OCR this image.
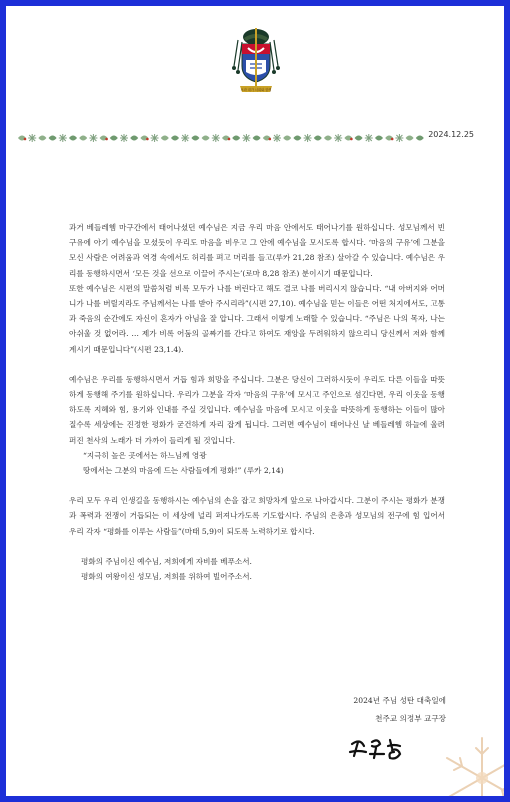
보라 내가 너희와 함께
2024.12.25

과거 베들레헴 마구간에서 태어나셨던 예수님은 지금 우리 마음 안에서도 태어나기를 원하십니다. 성모님께서 빈 구유에 아기 예수님을 모셨듯이 우리도 마음을 비우고 그 안에 예수님을 모시도록 합시다. ‘마음의 구유’에 그분을 모신 사람은 어려움과 역경 속에서도 허리를 펴고 머리를 들고(루카 21,28 참조) 살아갈 수 있습니다. 예수님은 우리를 동행하시면서 ‘모든 것을 선으로 이끌어 주시는’(로마 8,28 참조) 분이시기 때문입니다.

또한 예수님은 시편의 말씀처럼 비록 모두가 나를 버린다고 해도 결코 나를 버리시지 않습니다. “내 아버지와 어머니가 나를 버릴지라도 주님께서는 나를 받아 주시리라”(시편 27,10). 예수님을 믿는 이들은 어떤 처지에서도, 고통과 죽음의 순간에도 자신이 혼자가 아님을 잘 압니다. 그래서 이렇게 노래할 수 있습니다. “주님은 나의 목자, 나는 아쉬울 것 없어라. … 제가 비록 어둠의 골짜기를 간다고 하여도 재앙을 두려워하지 않으리니 당신께서 저와 함께 계시기 때문입니다”(시편 23,1.4).

예수님은 우리를 동행하시면서 거듭 힘과 희망을 주십니다. 그분은 당신이 그러하시듯이 우리도 다른 이들을 따뜻하게 동행해 주기를 원하십니다. 우리가 그분을 각자 ‘마음의 구유’에 모시고 주인으로 섬긴다면, 우리 이웃을 동행하도록 지혜와 힘, 용기와 인내를 주실 것입니다. 예수님을 마음에 모시고 이웃을 따뜻하게 동행하는 이들이 많아질수록 세상에는 진정한 평화가 굳건하게 자리 잡게 됩니다. 그러면 예수님이 태어나신 날 베들레헴 하늘에 울려 퍼진 천사의 노래가 더 가까이 들리게 될 것입니다.

“지극히 높은 곳에서는 하느님께 영광

땅에서는 그분의 마음에 드는 사람들에게 평화!” (루카 2,14)

우리 모두 우리 인생길을 동행하시는 예수님의 손을 잡고 희망차게 앞으로 나아갑시다. 그분이 주시는 평화가 분쟁과 폭력과 전쟁이 거듭되는 이 세상에 널리 퍼져나가도록 기도합시다. 주님의 은총과 성모님의 전구에 힘 입어서 우리 각자 “평화를 이루는 사람들”(마태 5,9)이 되도록 노력하기로 합시다.

평화의 주님이신 예수님, 저희에게 자비를 베푸소서.

평화의 여왕이신 성모님, 저희를 위하여 빌어주소서.

2024년 주님 성탄 대축일에
천주교 의정부 교구장
손희송
